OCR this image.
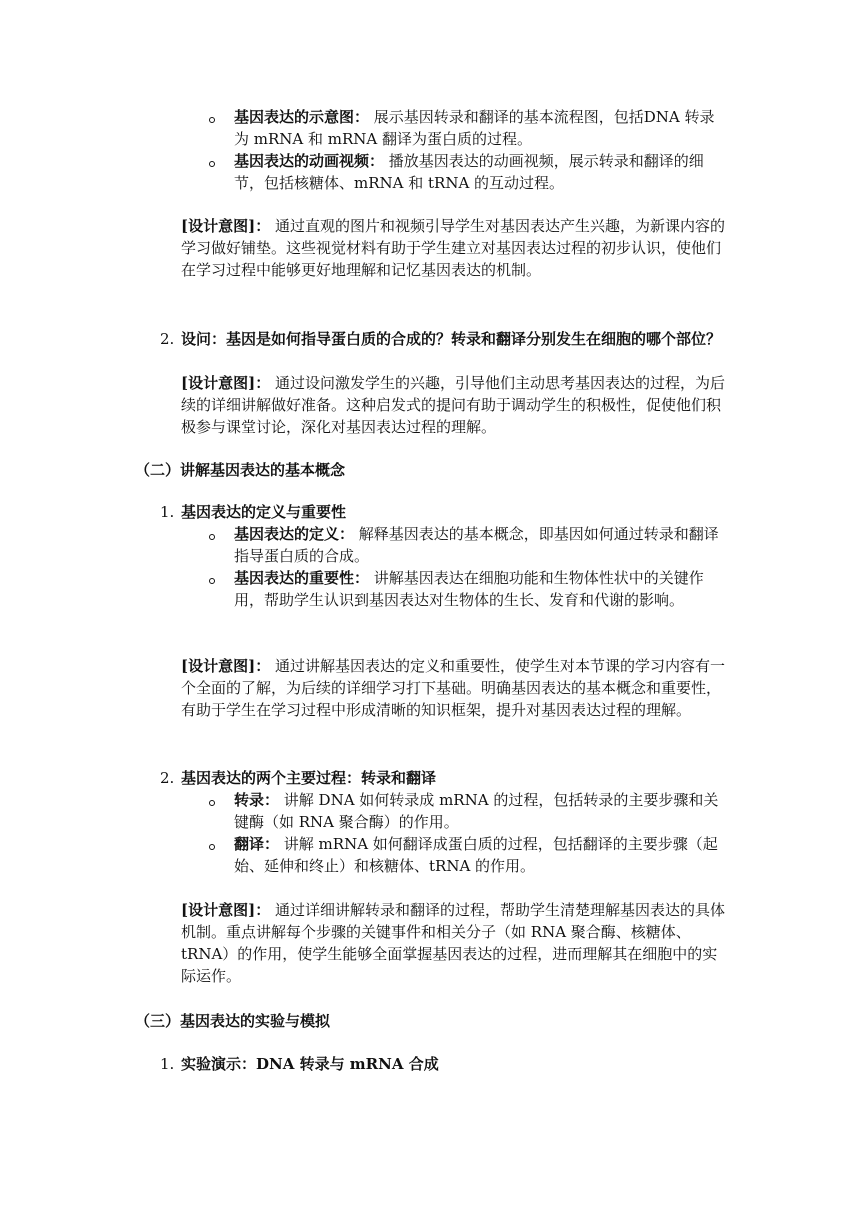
基因表达的示意图： 展示基因转录和翻译的基本流程图，包括DNA 转录为 mRNA 和 mRNA 翻译为蛋白质的过程。

基因表达的动画视频： 播放基因表达的动画视频，展示转录和翻译的细节，包括核糖体、mRNA 和 tRNA 的互动过程。

[设计意图]： 通过直观的图片和视频引导学生对基因表达产生兴趣，为新课内容的学习做好铺垫。这些视觉材料有助于学生建立对基因表达过程的初步认识，使他们在学习过程中能够更好地理解和记忆基因表达的机制。

2. 设问：基因是如何指导蛋白质的合成的？转录和翻译分别发生在细胞的哪个部位？

[设计意图]： 通过设问激发学生的兴趣，引导他们主动思考基因表达的过程，为后续的详细讲解做好准备。这种启发式的提问有助于调动学生的积极性，促使他们积极参与课堂讨论，深化对基因表达过程的理解。

（二）讲解基因表达的基本概念

1. 基因表达的定义与重要性

基因表达的定义： 解释基因表达的基本概念，即基因如何通过转录和翻译指导蛋白质的合成。

基因表达的重要性： 讲解基因表达在细胞功能和生物体性状中的关键作用，帮助学生认识到基因表达对生物体的生长、发育和代谢的影响。

[设计意图]： 通过讲解基因表达的定义和重要性，使学生对本节课的学习内容有一个全面的了解，为后续的详细学习打下基础。明确基因表达的基本概念和重要性，有助于学生在学习过程中形成清晰的知识框架，提升对基因表达过程的理解。

2. 基因表达的两个主要过程：转录和翻译

转录： 讲解 DNA 如何转录成 mRNA 的过程，包括转录的主要步骤和关键酶（如 RNA 聚合酶）的作用。

翻译： 讲解 mRNA 如何翻译成蛋白质的过程，包括翻译的主要步骤（起始、延伸和终止）和核糖体、tRNA 的作用。

[设计意图]： 通过详细讲解转录和翻译的过程，帮助学生清楚理解基因表达的具体机制。重点讲解每个步骤的关键事件和相关分子（如 RNA 聚合酶、核糖体、tRNA）的作用，使学生能够全面掌握基因表达的过程，进而理解其在细胞中的实际运作。

（三）基因表达的实验与模拟

1. 实验演示：DNA 转录与 mRNA 合成
